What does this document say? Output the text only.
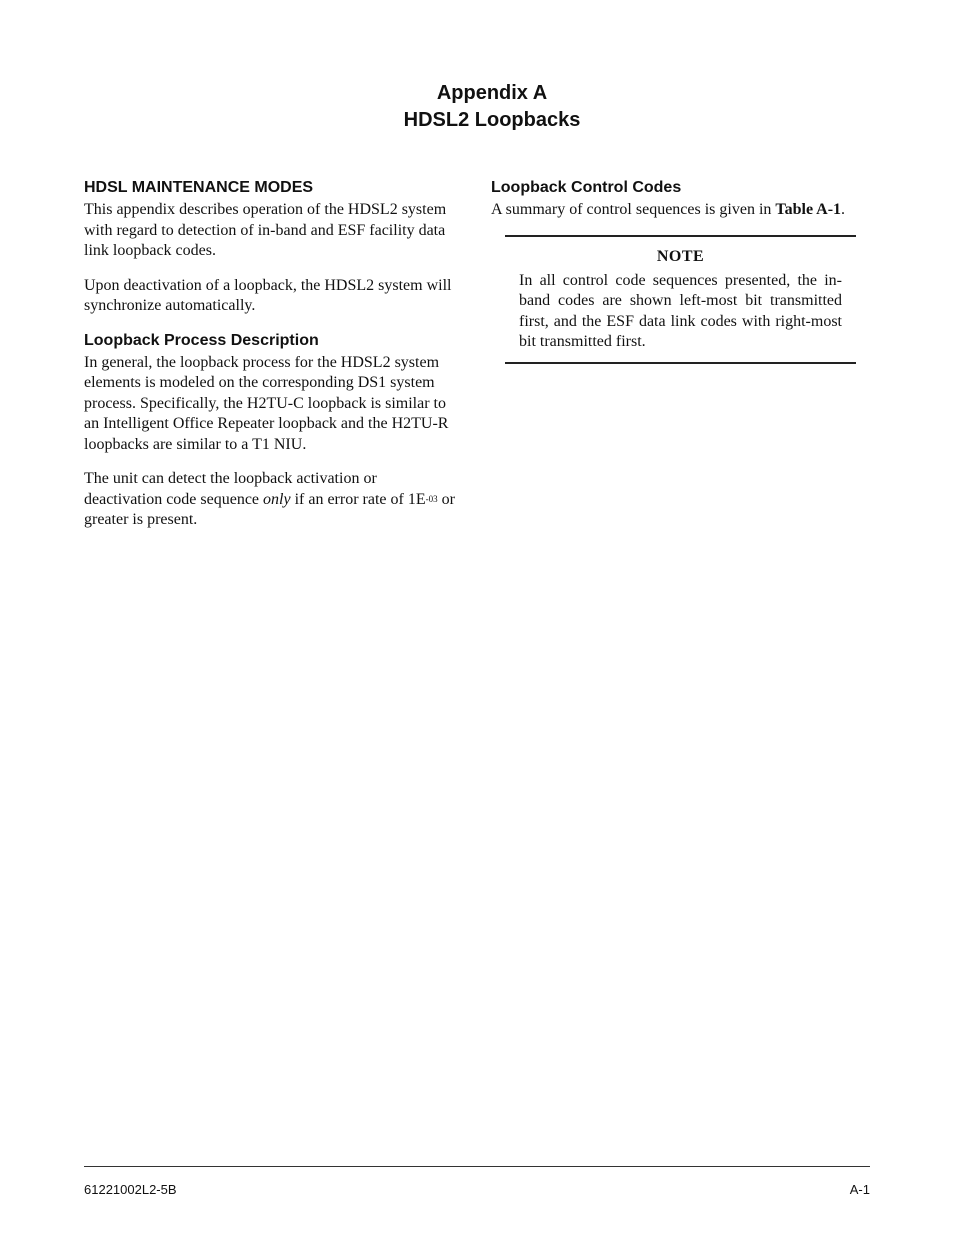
Appendix A
HDSL2 Loopbacks
HDSL MAINTENANCE MODES

This appendix describes operation of the HDSL2 system with regard to detection of in-band and ESF facility data link loopback codes.

Upon deactivation of a loopback, the HDSL2 system will synchronize automatically.

Loopback Process Description

In general, the loopback process for the HDSL2 system elements is modeled on the corresponding DS1 system process. Specifically, the H2TU-C loopback is similar to an Intelligent Office Repeater loopback and the H2TU-R loopbacks are similar to a T1 NIU.

The unit can detect the loopback activation or deactivation code sequence only if an error rate of $1E^{-03}$ or greater is present.

Loopback Control Codes

A summary of control sequences is given in Table A-1.

NOTE

In all control code sequences presented, the in-band codes are shown left-most bit transmitted first, and the ESF data link codes with right-most bit transmitted first.

61221002L2-5B	A-1
